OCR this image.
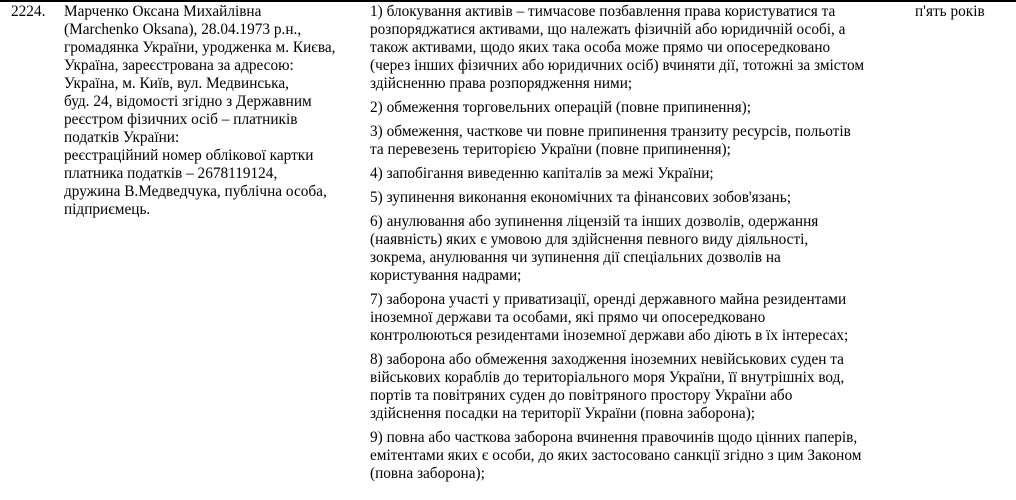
2224. Марченко Оксана Михайлівна
(Marchenko Oksana), 28.04.1973 р.н.,
громадянка України, уродженка м. Києва,
Україна, зареєстрована за адресою:
Україна, м. Київ, вул. Медвинська,
буд. 24, відомості згідно з Державним
реєстром фізичних осіб – платників
податків України:
реєстраційний номер облікової картки
платника податків – 2678119124,
дружина В.Медведчука, публічна особа,
підприємець.
1) блокування активів – тимчасове позбавлення права користуватися та
розпоряджатися активами, що належать фізичній або юридичній особі, а
також активами, щодо яких така особа може прямо чи опосередковано
(через інших фізичних або юридичних осіб) вчиняти дії, тотожні за змістом
здійсненню права розпорядження ними;
2) обмеження торговельних операцій (повне припинення);
3) обмеження, часткове чи повне припинення транзиту ресурсів, польотів
та перевезень територією України (повне припинення);
4) запобігання виведенню капіталів за межі України;
5) зупинення виконання економічних та фінансових зобов'язань;
6) анулювання або зупинення ліцензій та інших дозволів, одержання
(наявність) яких є умовою для здійснення певного виду діяльності,
зокрема, анулювання чи зупинення дії спеціальних дозволів на
користування надрами;
7) заборона участі у приватизації, оренді державного майна резидентами
іноземної держави та особами, які прямо чи опосередковано
контролюються резидентами іноземної держави або діють в їх інтересах;
8) заборона або обмеження заходження іноземних невійськових суден та
військових кораблів до територіального моря України, її внутрішніх вод,
портів та повітряних суден до повітряного простору України або
здійснення посадки на території України (повна заборона);
9) повна або часткова заборона вчинення правочинів щодо цінних паперів,
емітентами яких є особи, до яких застосовано санкції згідно з цим Законом
(повна заборона);
п'ять років
